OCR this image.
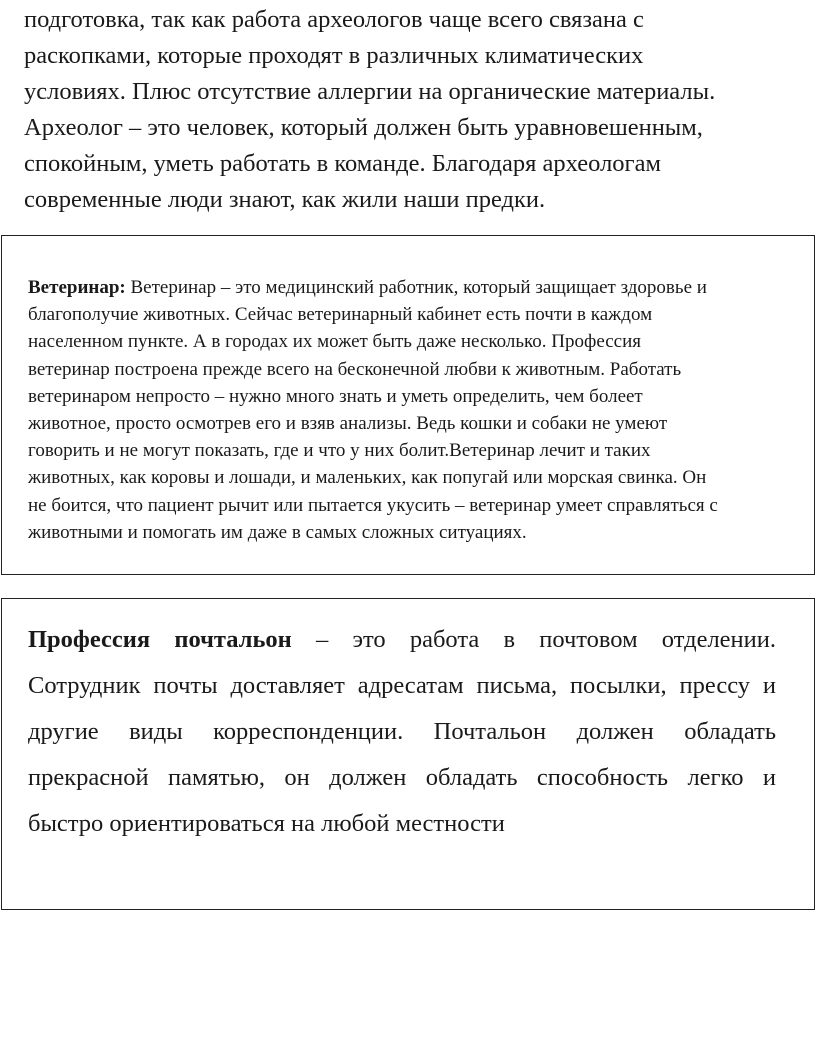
подготовка, так как работа археологов чаще всего связана с
раскопками, которые проходят в различных климатических
условиях. Плюс отсутствие аллергии на органические материалы.
Археолог – это человек, который должен быть уравновешенным,
спокойным, уметь работать в команде. Благодаря археологам
современные люди знают, как жили наши предки.
Ветеринар: Ветеринар – это медицинский работник, который защищает здоровье и
благополучие животных. Сейчас ветеринарный кабинет есть почти в каждом
населенном пункте. А в городах их может быть даже несколько. Профессия
ветеринар построена прежде всего на бесконечной любви к животным. Работать
ветеринаром непросто – нужно много знать и уметь определить, чем болеет
животное, просто осмотрев его и взяв анализы. Ведь кошки и собаки не умеют
говорить и не могут показать, где и что у них болит.Ветеринар лечит и таких
животных, как коровы и лошади, и маленьких, как попугай или морская свинка. Он
не боится, что пациент рычит или пытается укусить – ветеринар умеет справляться с
животными и помогать им даже в самых сложных ситуациях.
Профессия почтальон – это работа в почтовом отделении.
Сотрудник почты доставляет адресатам письма, посылки, прессу и
другие виды корреспонденции. Почтальон должен обладать
прекрасной памятью, он должен обладать способность легко и
быстро ориентироваться на любой местности
